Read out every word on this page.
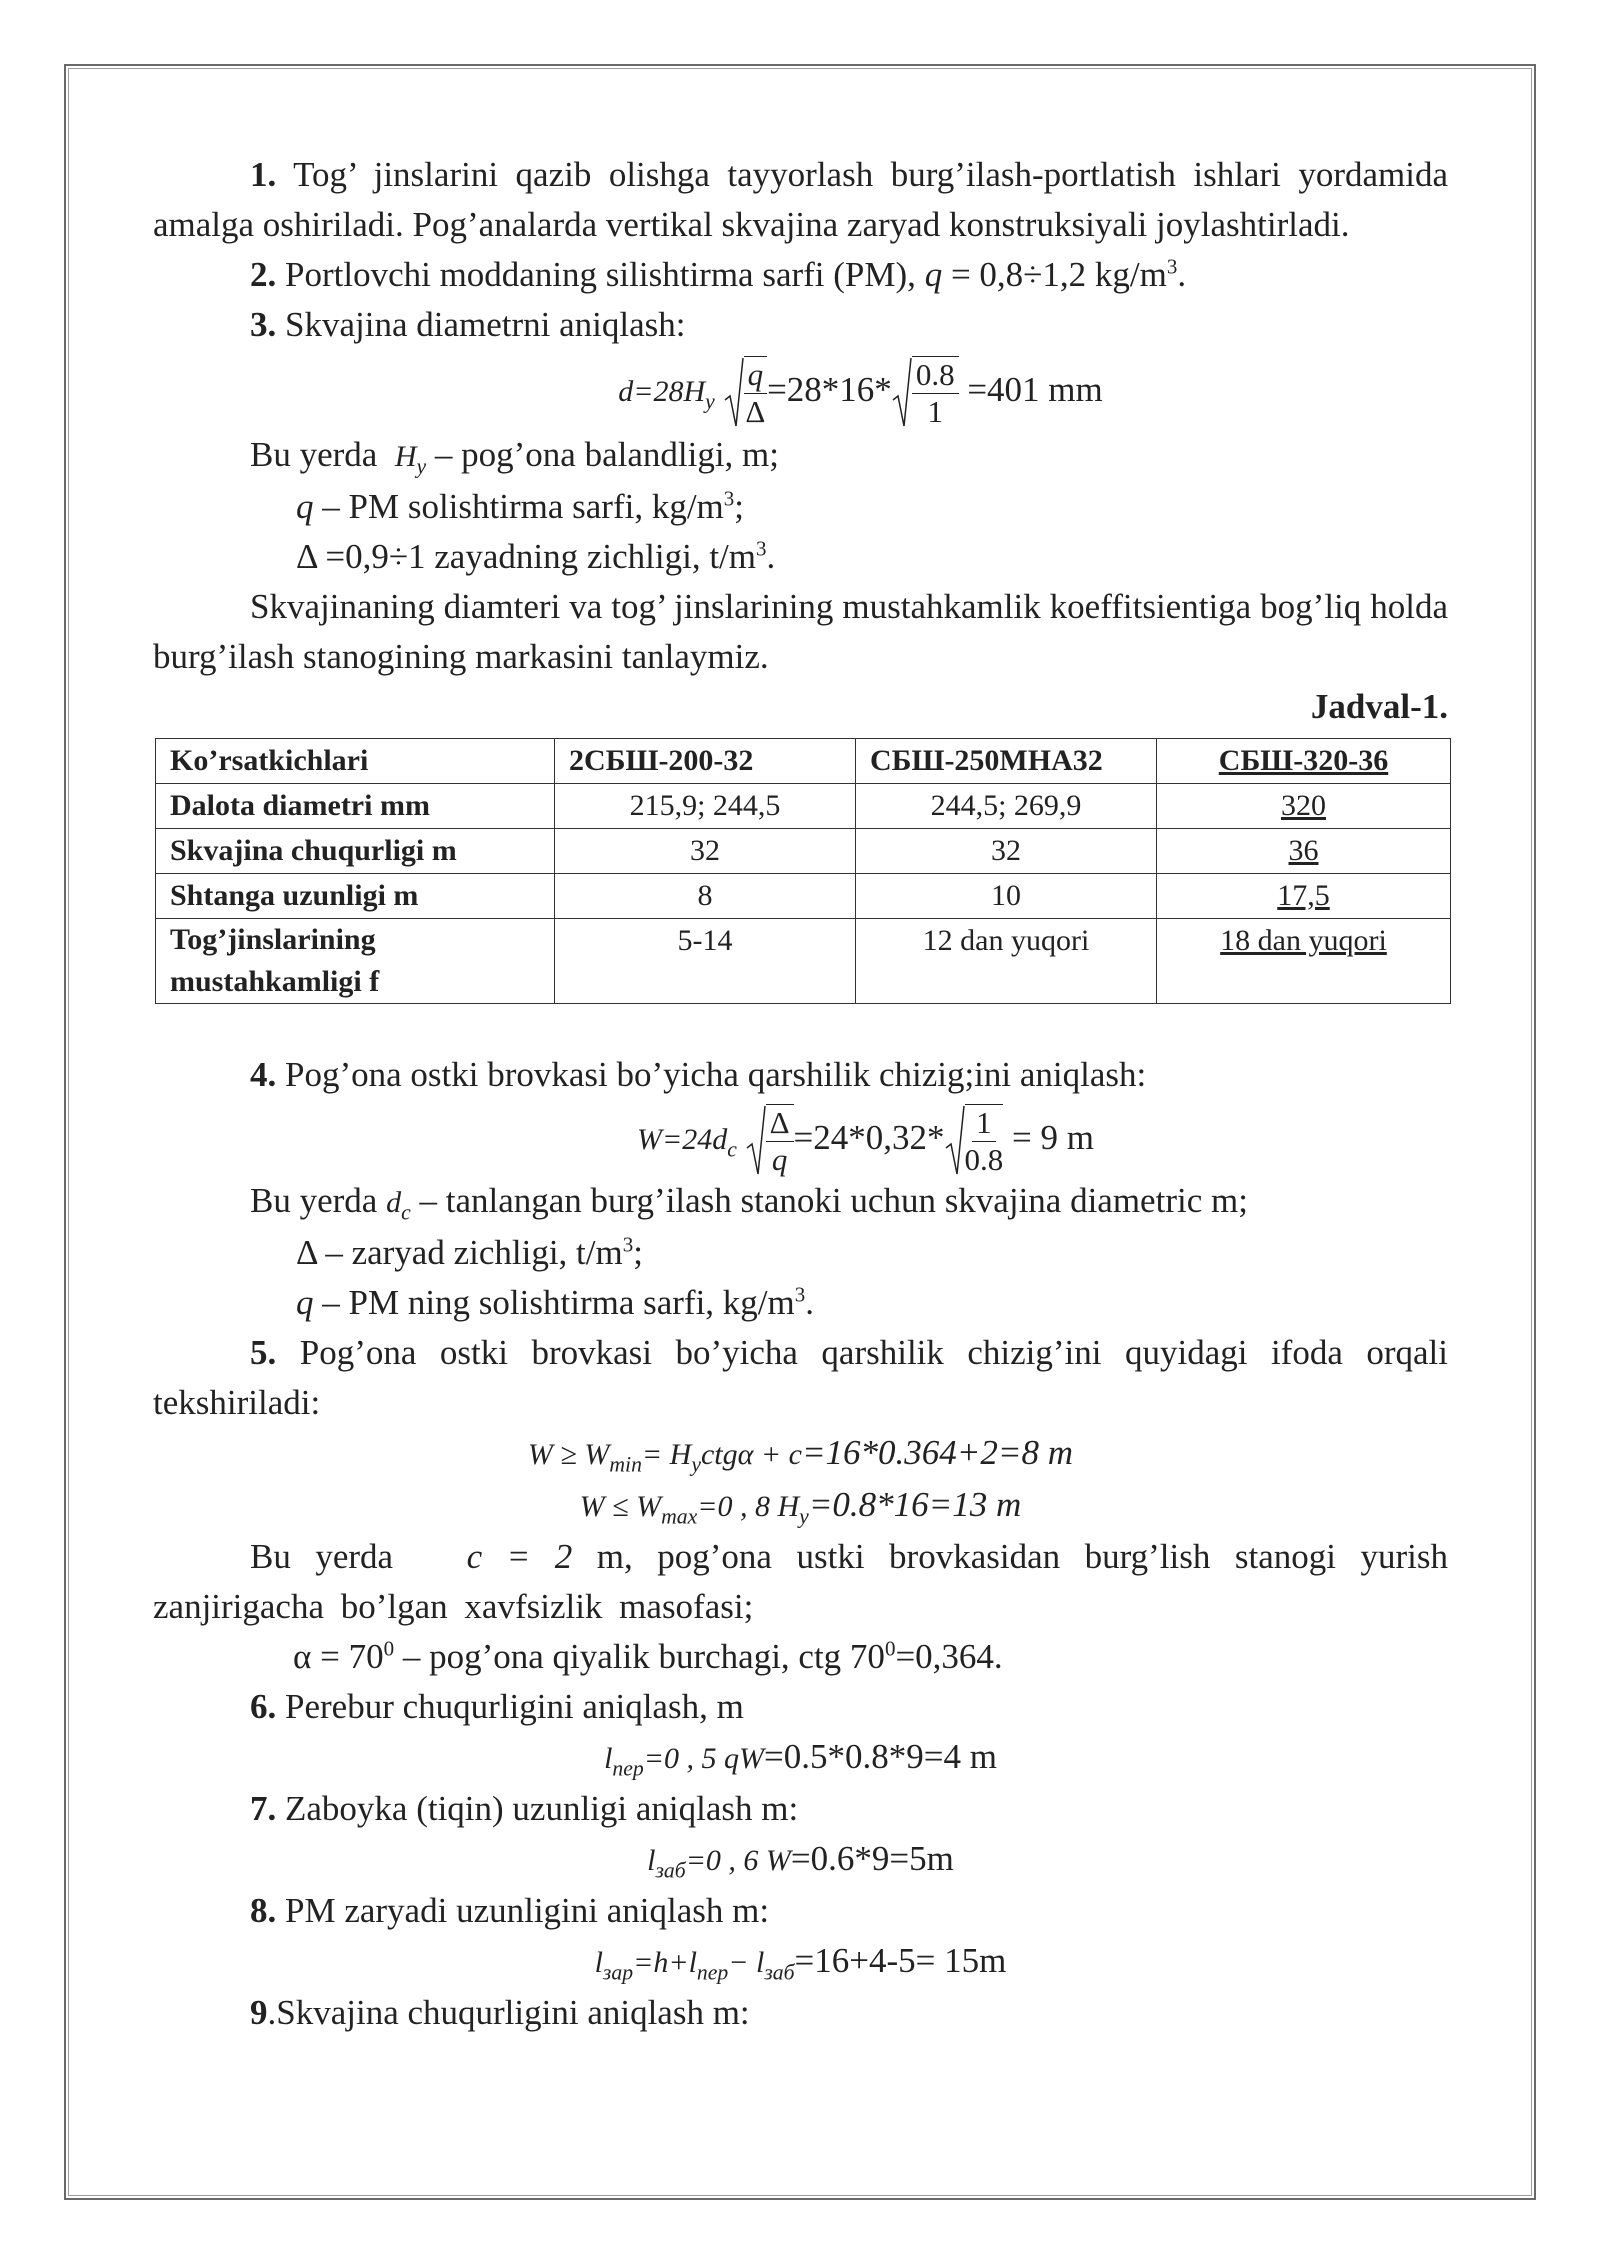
1. Tog’ jinslarini qazib olishga tayyorlash burg’ilash-portlatish ishlari yordamida amalga oshiriladi. Pog’analarda vertikal skvajina zaryad konstruksiyali joylashtirladi.

2. Portlovchi moddaning silishtirma sarfi (PM), q = 0,8÷1,2 $kg/m^3$.

3. Skvajina diametrni aniqlash:

$d=28H_y \frac{q}{\Delta} =28*16* \frac{0.8}{1} =401$ mm

Bu yerda $H_y$ – pog’ona balandligi, m;

q – PM solishtirma sarfi, $kg/m^3$;

Δ =0,9÷1 zayadning zichligi, $t/m^3$.

Skvajinaning diamteri va tog’ jinslarining mustahkamlik koeffitsientiga bog’liq holda burg’ilash stanogining markasini tanlaymiz.

Jadval-1.

Ko’rsatkichlari	2СБШ-200-32	СБШ-250МНА32	СБШ-320-36
Dalota diametri mm	215,9; 244,5	244,5; 269,9	320
Skvajina chuqurligi m	32	32	36
Shtanga uzunligi m	8	10	17,5
Tog’jinslarining mustahkamligi f	5-14	12 dan yuqori	18 dan yuqori

4. Pog’ona ostki brovkasi bo’yicha qarshilik chizig;ini aniqlash:

$W=24d_c \frac{\Delta}{q} =24*0,32* \frac{1}{0.8} = 9$ m

Bu yerda $d_c$ – tanlangan burg’ilash stanoki uchun skvajina diametric m;

Δ – zaryad zichligi, $t/m^3$;

q – PM ning solishtirma sarfi, $kg/m^3$.

5. Pog’ona ostki brovkasi bo’yicha qarshilik chizig’ini quyidagi ifoda orqali tekshiriladi:

$W \ge W_{min}= H_yctg\alpha + c=16*0.364+2=8$ m
$W \le W_{max}=0$ , 8 $H_y=0.8*16=13$ m

Bu yerda c = 2 m, pog’ona ustki brovkasidan burg’lish stanogi yurish zanjirigacha bo’lgan xavfsizlik masofasi;

$\alpha = 70^0$ – pog’ona qiyalik burchagi, ctg $70^0=0,364$.

6. Perebur chuqurligini aniqlash, m

$l_{пер}=0$ , 5 qW=0.5*0.8*9=4 m

7. Zaboyka (tiqin) uzunligi aniqlash m:

$l_{заб}=0$ , 6 W=0.6*9=5m

8. PM zaryadi uzunligini aniqlash m:

$l_{зар}=h+l_{пер}- l_{заб}=16+4-5= 15m$

9.Skvajina chuqurligini aniqlash m:
